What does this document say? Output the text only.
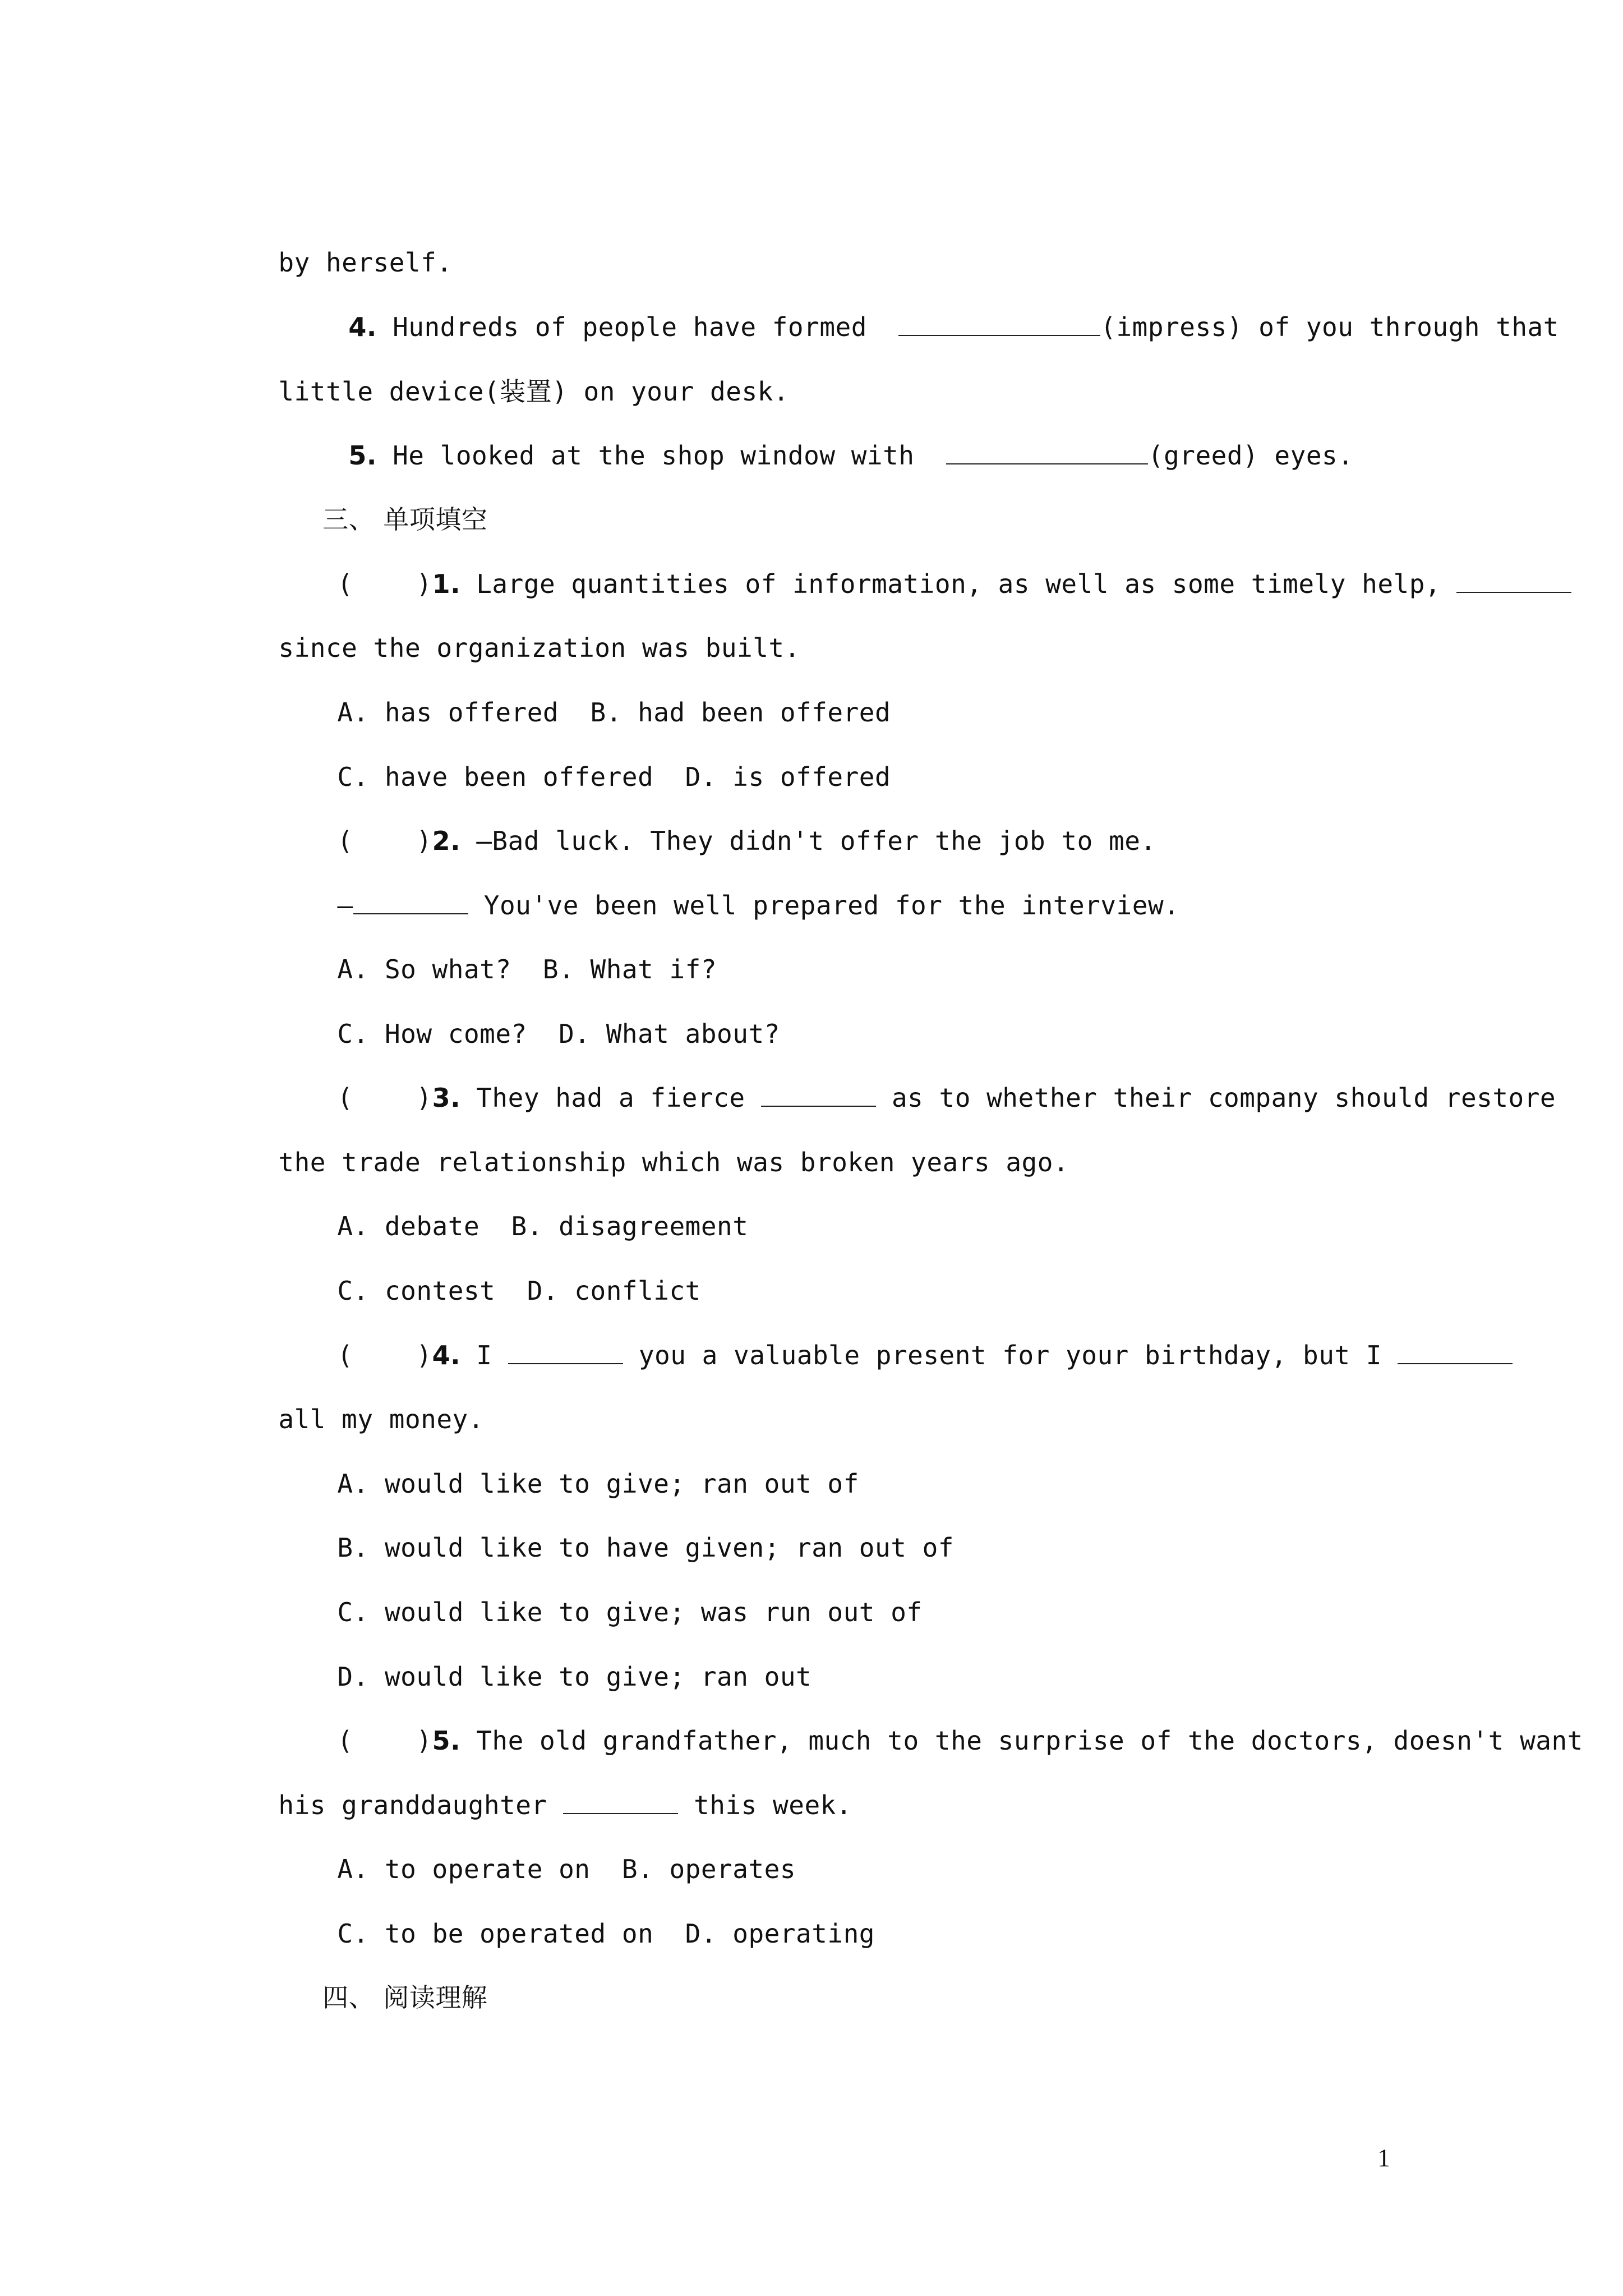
by herself.

4. Hundreds of people have formed	(impress) of you through that

little device(装置) on your desk.

5. He looked at the shop window with	(greed) eyes.

三、 单项填空

(    )1. Large quantities of information, as well as some timely help,

since the organization was built.

A. has offered  B. had been offered

C. have been offered  D. is offered

(    )2. —Bad luck. They didn't offer the job to me.

—	You've been well prepared for the interview.

A. So what?  B. What if?

C. How come?  D. What about?

(    )3. They had a fierce	as to whether their company should restore

the trade relationship which was broken years ago.

A. debate  B. disagreement

C. contest  D. conflict

(    )4. I	you a valuable present for your birthday, but I

all my money.

A. would like to give; ran out of

B. would like to have given; ran out of

C. would like to give; was run out of

D. would like to give; ran out

(    )5. The old grandfather, much to the surprise of the doctors, doesn't want

his granddaughter	this week.

A. to operate on  B. operates

C. to be operated on  D. operating

四、 阅读理解

1
